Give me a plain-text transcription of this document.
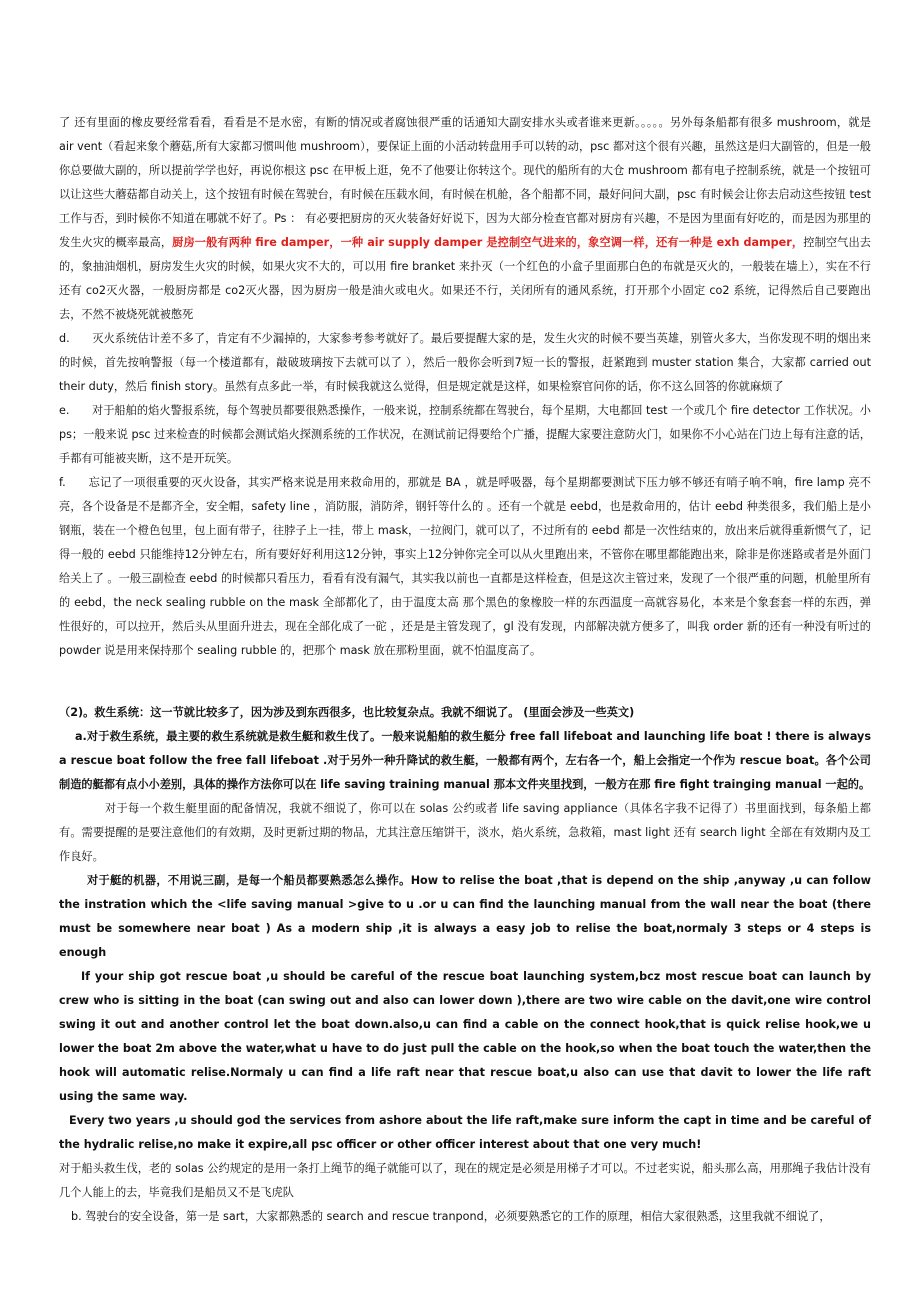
了 还有里面的橡皮要经常看看，看看是不是水密，有断的情况或者腐蚀很严重的话通知大副安排水头或者谁来更新。。。。。另外每条船都有很多 mushroom，就是 air vent（看起来象个蘑菇,所有大家都习惯叫他 mushroom），要保证上面的小活动转盘用手可以转的动，psc 都对这个很有兴趣，虽然这是归大副管的，但是一般你总要做大副的，所以提前学学也好，再说你根这 psc 在甲板上逛，免不了他要让你转这个。现代的船所有的大仓 mushroom 都有电子控制系统，就是一个按钮可以让这些大蘑菇都自动关上，这个按钮有时候在驾驶台，有时候在压载水间，有时候在机舱，各个船都不同，最好问问大副，psc 有时候会让你去启动这些按钮 test 工作与否，到时候你不知道在哪就不好了。Ps ： 有必要把厨房的灭火装备好好说下，因为大部分检查官都对厨房有兴趣，不是因为里面有好吃的，而是因为那里的发生火灾的概率最高，厨房一般有两种 fire damper，一种 air supply damper 是控制空气进来的，象空调一样，还有一种是 exh damper，控制空气出去的，象抽油烟机，厨房发生火灾的时候，如果火灾不大的，可以用 fire branket 来扑灭（一个红色的小盒子里面那白色的布就是灭火的，一般装在墙上），实在不行还有 co2灭火器，一般厨房都是 co2灭火器，因为厨房一般是油火或电火。如果还不行，关闭所有的通风系统，打开那个小固定 co2 系统，记得然后自己要跑出去，不然不被烧死就被憋死

d.　　灭火系统估计差不多了，肯定有不少漏掉的，大家参考参考就好了。最后要提醒大家的是，发生火灾的时候不要当英雄，别管火多大，当你发现不明的烟出来的时候，首先按响警报（每一个楼道都有，敲破玻璃按下去就可以了 ），然后一般你会听到7短一长的警报，赶紧跑到 muster station 集合，大家都 carried out their duty，然后 finish story。虽然有点多此一举，有时候我就这么觉得，但是规定就是这样，如果检察官问你的话，你不这么回答的你就麻烦了

e.　　对于船舶的焰火警报系统，每个驾驶员都要很熟悉操作，一般来说，控制系统都在驾驶台，每个星期，大电都回 test 一个或几个 fire detector 工作状况。小 ps；一般来说 psc 过来检查的时候都会测试焰火探测系统的工作状况，在测试前记得要给个广播，提醒大家要注意防火门，如果你不小心站在门边上每有注意的话，手都有可能被夹断，这不是开玩笑。

f.　　忘记了一项很重要的灭火设备，其实严格来说是用来救命用的，那就是 BA ，就是呼吸器，每个星期都要测试下压力够不够还有哨子响不响，fire lamp 亮不亮，各个设备是不是都齐全，安全帽，safety line ，消防服，消防斧，钢钎等什么的 。还有一个就是 eebd，也是救命用的，估计 eebd 种类很多，我们船上是小钢瓶，装在一个橙色包里，包上面有带子，往脖子上一挂，带上 mask，一拉阀门，就可以了，不过所有的 eebd 都是一次性结束的，放出来后就得重新惯气了，记得一般的 eebd 只能维持12分钟左右，所有要好好利用这12分钟，事实上12分钟你完全可以从火里跑出来，不管你在哪里都能跑出来，除非是你迷路或者是外面门给关上了 。一般三副检查 eebd 的时候都只看压力，看看有没有漏气，其实我以前也一直都是这样检查，但是这次主管过来，发现了一个很严重的问题，机舱里所有的 eebd，the neck sealing rubble on the mask 全部都化了，由于温度太高 那个黑色的象橡胶一样的东西温度一高就容易化，本来是个象套套一样的东西，弹性很好的，可以拉开，然后头从里面升进去，现在全部化成了一砣 ，还是是主管发现了，gl 没有发现，内部解决就方便多了，叫我 order 新的还有一种没有听过的 powder 说是用来保持那个 sealing rubble 的，把那个 mask 放在那粉里面，就不怕温度高了。

（2)。救生系统：这一节就比较多了，因为涉及到东西很多，也比较复杂点。我就不细说了。 (里面会涉及一些英文)

a.对于救生系统，最主要的救生系统就是救生艇和救生伐了。一般来说船舶的救生艇分 free fall lifeboat and launching life boat ! there is always a rescue boat follow the free fall lifeboat .对于另外一种升降试的救生艇，一般都有两个，左右各一个，船上会指定一个作为 rescue boat。各个公司制造的艇都有点小小差别，具体的操作方法你可以在 life saving training manual 那本文件夹里找到，一般方在那 fire fight trainging manual 一起的。

对于每一个救生艇里面的配备情况，我就不细说了，你可以在 solas 公约或者 life saving appliance（具体名字我不记得了）书里面找到，每条船上都有。需要提醒的是要注意他们的有效期，及时更新过期的物品，尤其注意压缩饼干，淡水，焰火系统，急救箱，mast light 还有 search light 全部在有效期内及工作良好。

对于艇的机器，不用说三副，是每一个船员都要熟悉怎么操作。How to relise the boat ,that is depend on the ship ,anyway ,u can follow the instration which the <life saving manual >give to u .or u can find the launching manual from the wall near the boat (there must be somewhere near boat ) As a modern ship ,it is always a easy job to relise the boat,normaly 3 steps or 4 steps is enough

If your ship got rescue boat ,u should be careful of the rescue boat launching system,bcz most rescue boat can launch by crew who is sitting in the boat (can swing out and also can lower down ),there are two wire cable on the davit,one wire control swing it out and another control let the boat down.also,u can find a cable on the connect hook,that is quick relise hook,we u lower the boat 2m above the water,what u have to do just pull the cable on the hook,so when the boat touch the water,then the hook will automatic relise.Normaly u can find a life raft near that rescue boat,u also can use that davit to lower the life raft using the same way.

Every two years ,u should god the services from ashore about the life raft,make sure inform the capt in time and be careful of the hydralic relise,no make it expire,all psc officer or other officer interest about that one very much!

对于船头救生伐，老的 solas 公约规定的是用一条打上绳节的绳子就能可以了，现在的规定是必须是用梯子才可以。不过老实说，船头那么高，用那绳子我估计没有几个人能上的去，毕竟我们是船员又不是飞虎队

b. 驾驶台的安全设备，第一是 sart，大家都熟悉的 search and rescue tranpond，必须要熟悉它的工作的原理，相信大家很熟悉，这里我就不细说了，
